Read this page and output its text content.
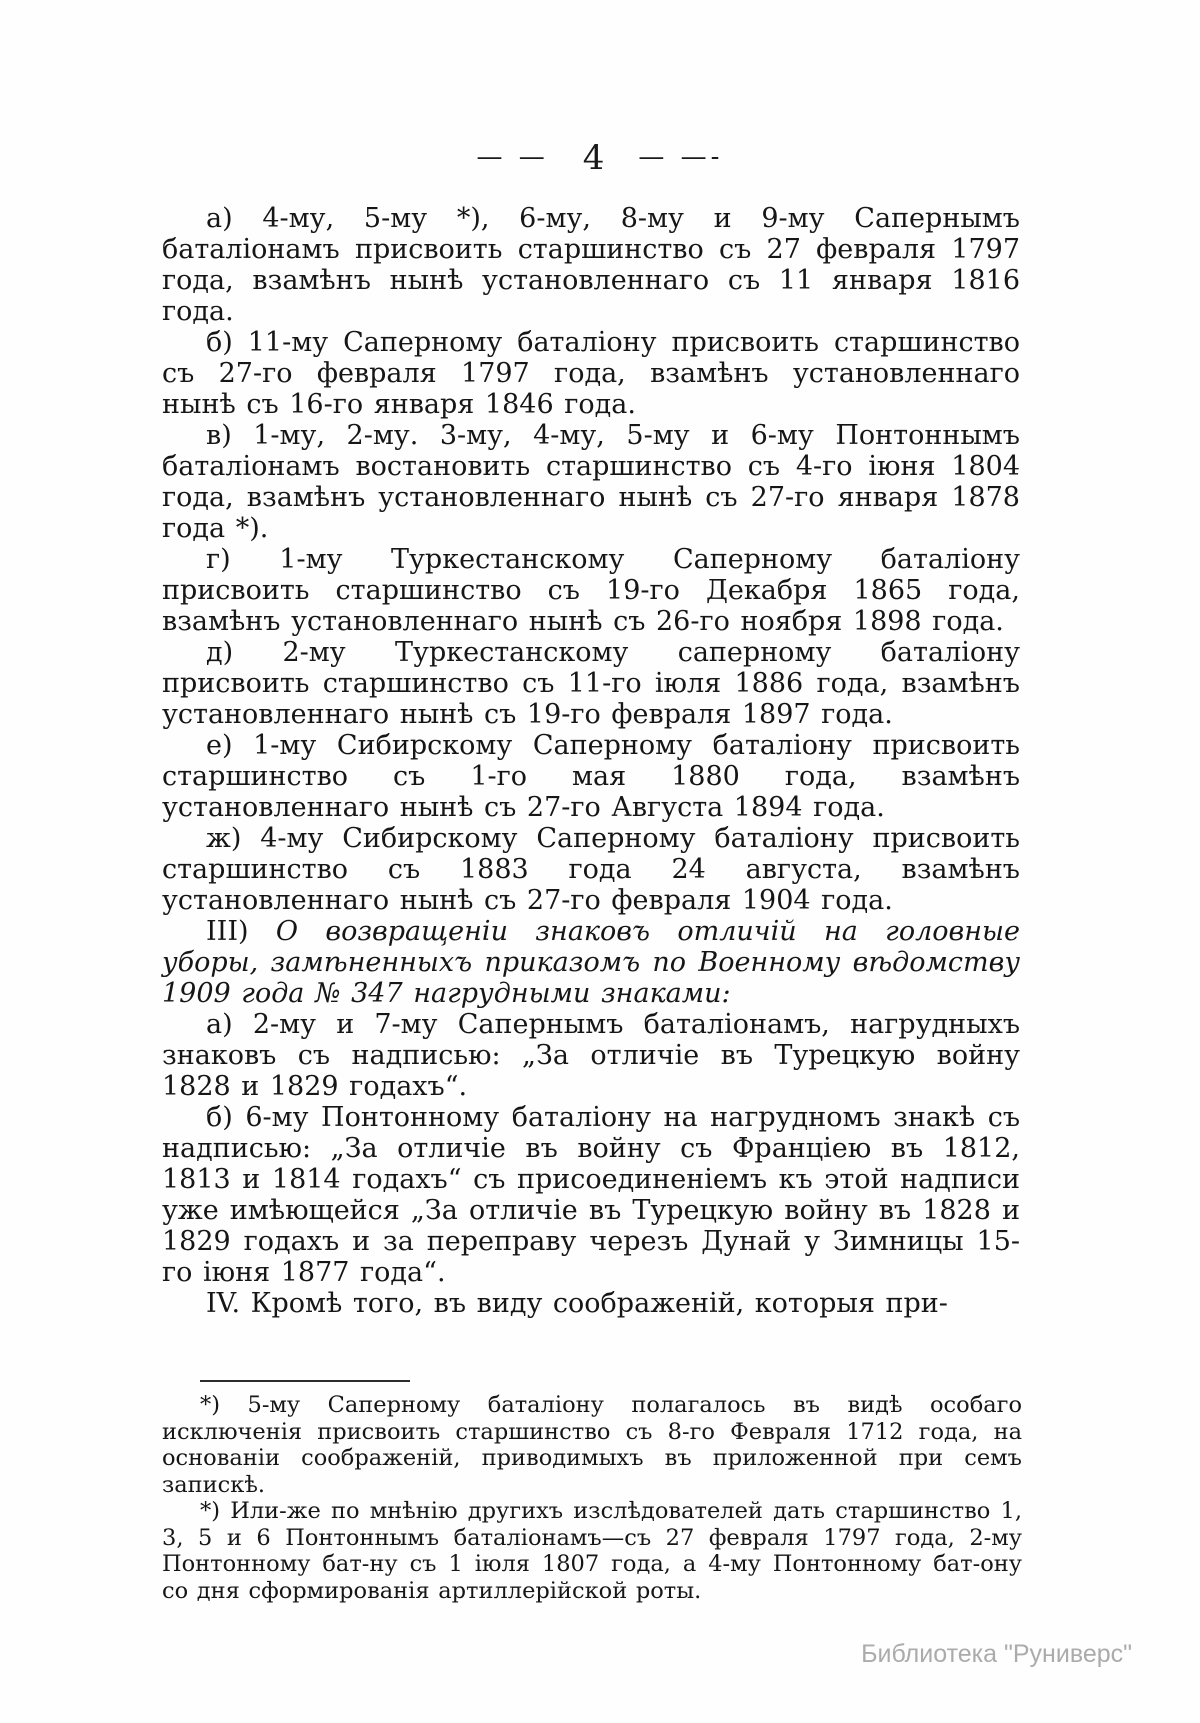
— — 4 — —-

а) 4-му, 5-му *), 6-му, 8-му и 9-му Сапернымъ баталіонамъ присвоить старшинство съ 27 февраля 1797 года, взамѣнъ нынѣ установленнаго съ 11 января 1816 года.

б) 11-му Саперному баталіону присвоить старшинство съ 27-го февраля 1797 года, взамѣнъ установленнаго нынѣ съ 16-го января 1846 года.

в) 1-му, 2-му. 3-му, 4-му, 5-му и 6-му Понтоннымъ баталіонамъ востановить старшинство съ 4-го іюня 1804 года, взамѣнъ установленнаго нынѣ съ 27-го января 1878 года *).

г) 1-му Туркестанскому Саперному баталіону присвоить старшинство съ 19-го Декабря 1865 года, взамѣнъ установленнаго нынѣ съ 26-го ноября 1898 года.

д) 2-му Туркестанскому саперному баталіону присвоить старшинство съ 11-го іюля 1886 года, взамѣнъ установленнаго нынѣ съ 19-го февраля 1897 года.

е) 1-му Сибирскому Саперному баталіону присвоить старшинство съ 1-го мая 1880 года, взамѣнъ установленнаго нынѣ съ 27-го Августа 1894 года.

ж) 4-му Сибирскому Саперному баталіону присвоить старшинство съ 1883 года 24 августа, взамѣнъ установленнаго нынѣ съ 27-го февраля 1904 года.

III) О возвращеніи знаковъ отличій на головные уборы, замѣненныхъ приказомъ по Военному вѣдомству 1909 года № 347 нагрудными знаками:

а) 2-му и 7-му Сапернымъ баталіонамъ, нагрудныхъ знаковъ съ надписью: „За отличіе въ Турецкую войну 1828 и 1829 годахъ“.

б) 6-му Понтонному баталіону на нагрудномъ знакѣ съ надписью: „За отличіе въ войну съ Франціею въ 1812, 1813 и 1814 годахъ“ съ присоединеніемъ къ этой надписи уже имѣющейся „За отличіе въ Турецкую войну въ 1828 и 1829 годахъ и за переправу черезъ Дунай у Зимницы 15-го іюня 1877 года“.

IV. Кромѣ того, въ виду соображеній, которыя при-

*) 5-му Саперному баталіону полагалось въ видѣ особаго исключенія присвоить старшинство съ 8-го Февраля 1712 года, на основаніи соображеній, приводимыхъ въ приложенной при семъ запискѣ.

*) Или-же по мнѣнію другихъ изслѣдователей дать старшинство 1, 3, 5 и 6 Понтоннымъ баталіонамъ—съ 27 февраля 1797 года, 2-му Понтонному бат-ну съ 1 іюля 1807 года, а 4-му Понтонному бат-ону со дня сформированія артиллерійской роты.

Библиотека "Руниверс"
